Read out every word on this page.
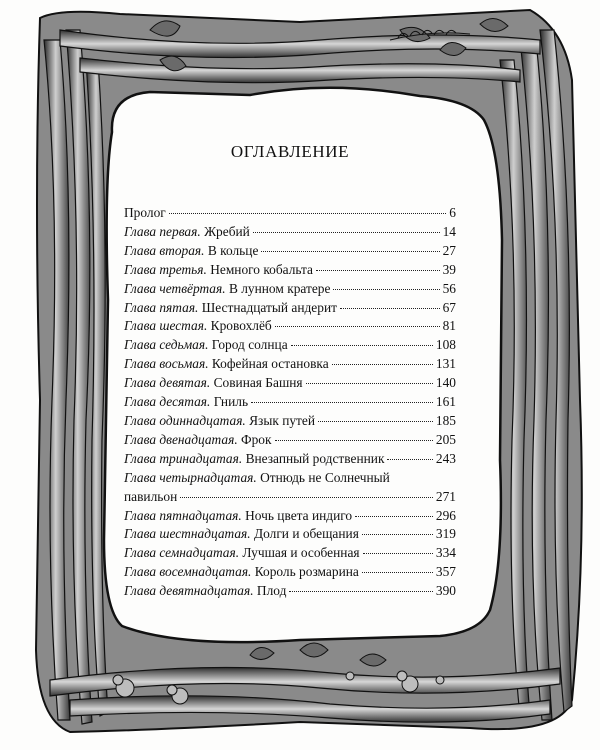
ОГЛАВЛЕНИЕ
Пролог	6
Глава первая. Жребий	14
Глава вторая. В кольце	27
Глава третья. Немного кобальта	39
Глава четвёртая. В лунном кратере	56
Глава пятая. Шестнадцатый андерит	67
Глава шестая. Кровохлёб	81
Глава седьмая. Город солнца	108
Глава восьмая. Кофейная остановка	131
Глава девятая. Совиная Башня	140
Глава десятая. Гниль	161
Глава одиннадцатая. Язык путей	185
Глава двенадцатая. Фрок	205
Глава тринадцатая. Внезапный родственник	243
Глава четырнадцатая. Отнюдь не Солнечный
павильон	271
Глава пятнадцатая. Ночь цвета индиго	296
Глава шестнадцатая. Долги и обещания	319
Глава семнадцатая. Лучшая и особенная	334
Глава восемнадцатая. Король розмарина	357
Глава девятнадцатая. Плод	390
